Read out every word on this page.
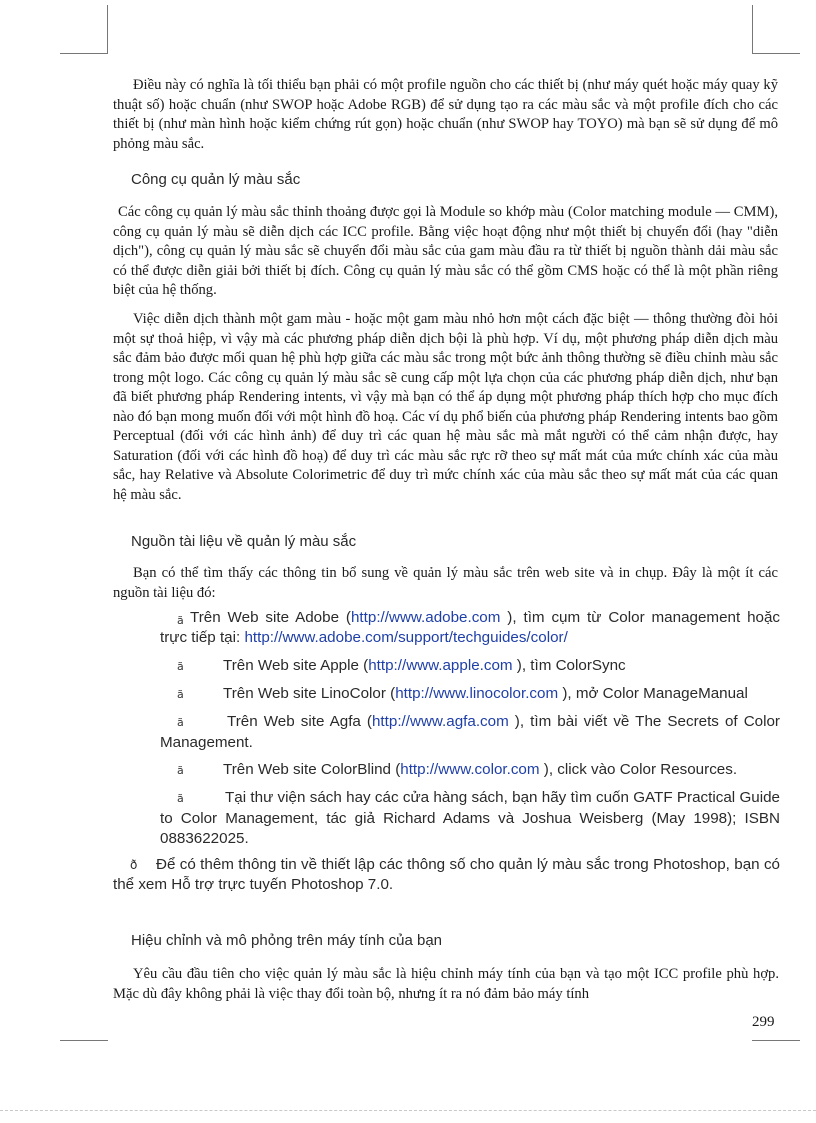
Điều này có nghĩa là tối thiểu bạn phải có một profile nguồn cho các thiết bị (như máy quét hoặc máy quay kỹ thuật số) hoặc chuẩn (như SWOP hoặc Adobe RGB) để sử dụng tạo ra các màu sắc và một profile đích cho các thiết bị (như màn hình hoặc kiểm chứng rút gọn) hoặc chuẩn (như SWOP hay TOYO) mà bạn sẽ sử dụng để mô phỏng màu sắc.

Công cụ quản lý màu sắc

Các công cụ quản lý màu sắc thỉnh thoảng được gọi là Module so khớp màu (Color matching module — CMM), công cụ quản lý màu sẽ diễn dịch các ICC profile. Bằng việc hoạt động như một thiết bị chuyển đổi (hay "diễn dịch"), công cụ quản lý màu sắc sẽ chuyển đổi màu sắc của gam màu đầu ra từ thiết bị nguồn thành dải màu sắc có thể được diễn giải bởi thiết bị đích. Công cụ quản lý màu sắc có thể gồm CMS hoặc có thể là một phần riêng biệt của hệ thống.

Việc diễn dịch thành một gam màu - hoặc một gam màu nhỏ hơn một cách đặc biệt — thông thường đòi hỏi một sự thoả hiệp, vì vậy mà các phương pháp diễn dịch bội là phù hợp. Ví dụ, một phương pháp diễn dịch màu sắc đảm bảo được mối quan hệ phù hợp giữa các màu sắc trong một bức ảnh thông thường sẽ điều chỉnh màu sắc trong một logo. Các công cụ quản lý màu sắc sẽ cung cấp một lựa chọn của các phương pháp diễn dịch, như bạn đã biết phương pháp Rendering intents, vì vậy mà bạn có thể áp dụng một phương pháp thích hợp cho mục đích nào đó bạn mong muốn đối với một hình đồ hoạ. Các ví dụ phổ biến của phương pháp Rendering intents bao gồm Perceptual (đối với các hình ảnh) để duy trì các quan hệ màu sắc mà mắt người có thể cảm nhận được, hay Saturation (đối với các hình đồ hoạ) để duy trì các màu sắc rực rỡ theo sự mất mát của mức chính xác của màu sắc, hay Relative và Absolute Colorimetric để duy trì mức chính xác của màu sắc theo sự mất mát của các quan hệ màu sắc.

Nguồn tài liệu về quản lý màu sắc

Bạn có thể tìm thấy các thông tin bổ sung về quản lý màu sắc trên web site và in chụp. Đây là một ít các nguồn tài liệu đó:

ã Trên Web site Adobe (http://www.adobe.com ), tìm cụm từ Color management hoặc trực tiếp tại: http://www.adobe.com/support/techguides/color/

ã	Trên Web site Apple (http://www.apple.com ), tìm ColorSync

ã	Trên Web site LinoColor (http://www.linocolor.com ), mở Color ManageManual

ã	Trên Web site Agfa (http://www.agfa.com ), tìm bài viết về The Secrets of Color Management.

ã	Trên Web site ColorBlind (http://www.color.com ), click vào Color Resources.

ã	Tại thư viện sách hay các cửa hàng sách, bạn hãy tìm cuốn GATF Practical Guide to Color Management, tác giả Richard Adams và Joshua Weisberg (May 1998); ISBN 0883622025.

ð Để có thêm thông tin về thiết lập các thông số cho quản lý màu sắc trong Photoshop, bạn có thể xem Hỗ trợ trực tuyến Photoshop 7.0.

Hiệu chỉnh và mô phỏng trên máy tính của bạn

Yêu cầu đầu tiên cho việc quản lý màu sắc là hiệu chỉnh máy tính của bạn và tạo một ICC profile phù hợp. Mặc dù đây không phải là việc thay đổi toàn bộ, nhưng ít ra nó đảm bảo máy tính

299
